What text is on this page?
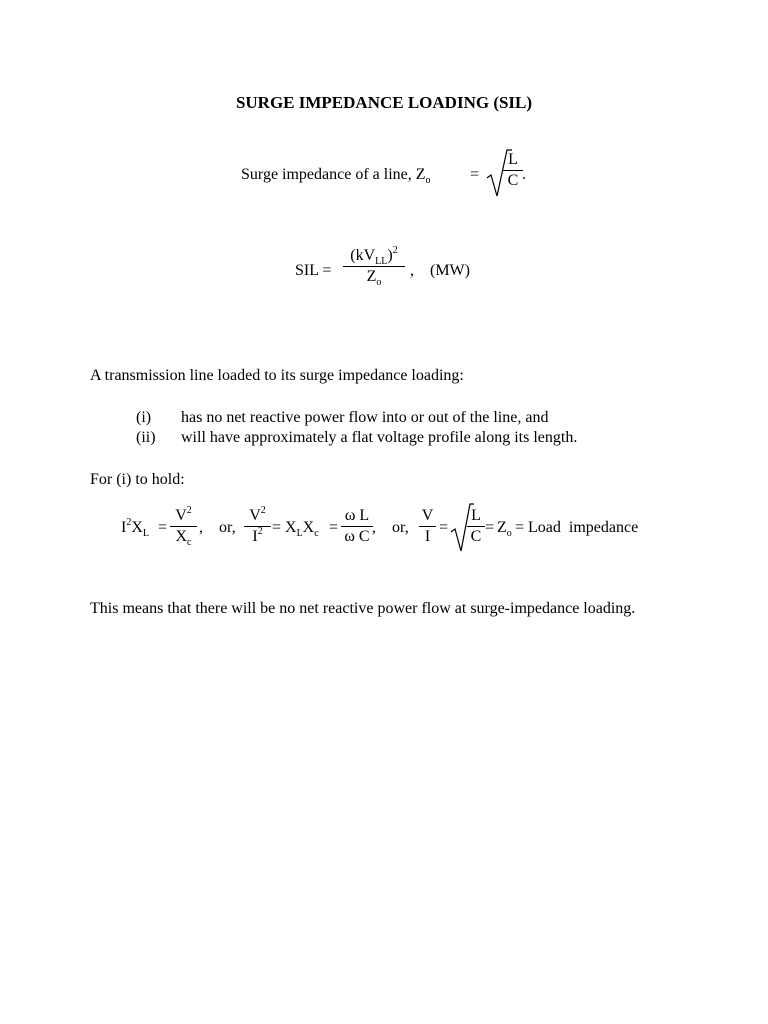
SURGE IMPEDANCE LOADING (SIL)
Surge impedance of a line, $Z_o$ =
L
C .
SIL =
$(kV_{LL})^2$
$Z_o$
, (MW)
A transmission line loaded to its surge impedance loading:
(i) has no net reactive power flow into or out of the line, and
(ii) will have approximately a flat voltage profile along its length.
For (i) to hold:
$I^2X_L$ =
$V^2$
$X_c$
,    or,
$V^2$
$I^2 = X_LX_c$ =
ω L
ω C
,    or,
V
I
=
L
C
= $Z_o$ = Load  impedance
This means that there will be no net reactive power flow at surge-impedance loading.
